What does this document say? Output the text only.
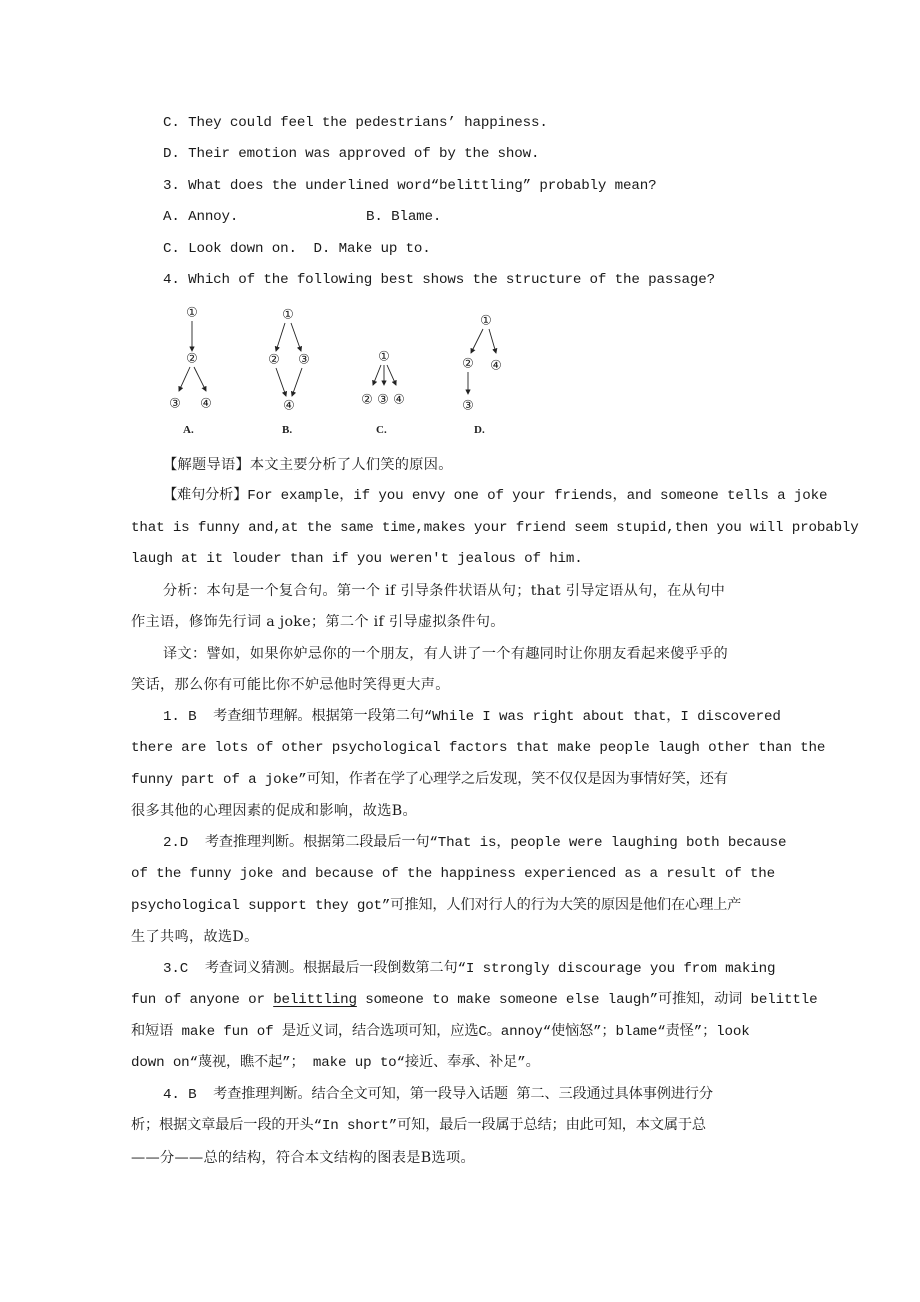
C. They could feel the pedestrians’ happiness.
D. Their emotion was approved of by the show.
3. What does the underlined word“belittling” probably mean?
A. Annoy.	B. Blame.
C. Look down on.  D. Make up to.
4. Which of the following best shows the structure of the passage?
①
②
③ ④
①
② ③
④
①
② ③ ④
①
② ④
③
A.	B.	C.	D.
【解题导语】本文主要分析了人们笑的原因。
【难句分析】For example，if you envy one of your friends，and someone tells a joke
that is funny and,at the same time,makes your friend seem stupid,then you will probably
laugh at it louder than if you weren't jealous of him.
分析：本句是一个复合句。第一个 if 引导条件状语从句；that 引导定语从句，在从句中
作主语，修饰先行词 a joke；第二个 if 引导虚拟条件句。
译文：譬如，如果你妒忌你的一个朋友，有人讲了一个有趣同时让你朋友看起来傻乎乎的
笑话，那么你有可能比你不妒忌他时笑得更大声。
1. B  考查细节理解。根据第一段第二句“While I was right about that，I discovered
there are lots of other psychological factors that make people laugh other than the
funny part of a joke”可知，作者在学了心理学之后发现，笑不仅仅是因为事情好笑，还有
很多其他的心理因素的促成和影响，故选B。
2.D  考查推理判断。根据第二段最后一句“That is，people were laughing both because
of the funny joke and because of the happiness experienced as a result of the
psychological support they got”可推知，人们对行人的行为大笑的原因是他们在心理上产
生了共鸣，故选D。
3.C  考查词义猜测。根据最后一段倒数第二句“I strongly discourage you from making
fun of anyone or belittling someone to make someone else laugh”可推知，动词 belittle
和短语 make fun of 是近义词，结合选项可知，应选C。annoy“使恼怒”；blame“责怪”；look
down on“蔑视，瞧不起”； make up to“接近、奉承、补足”。
4. B  考查推理判断。结合全文可知，第一段导入话题 第二、三段通过具体事例进行分
析；根据文章最后一段的开头“In short”可知，最后一段属于总结；由此可知，本文属于总
——分——总的结构，符合本文结构的图表是B选项。
